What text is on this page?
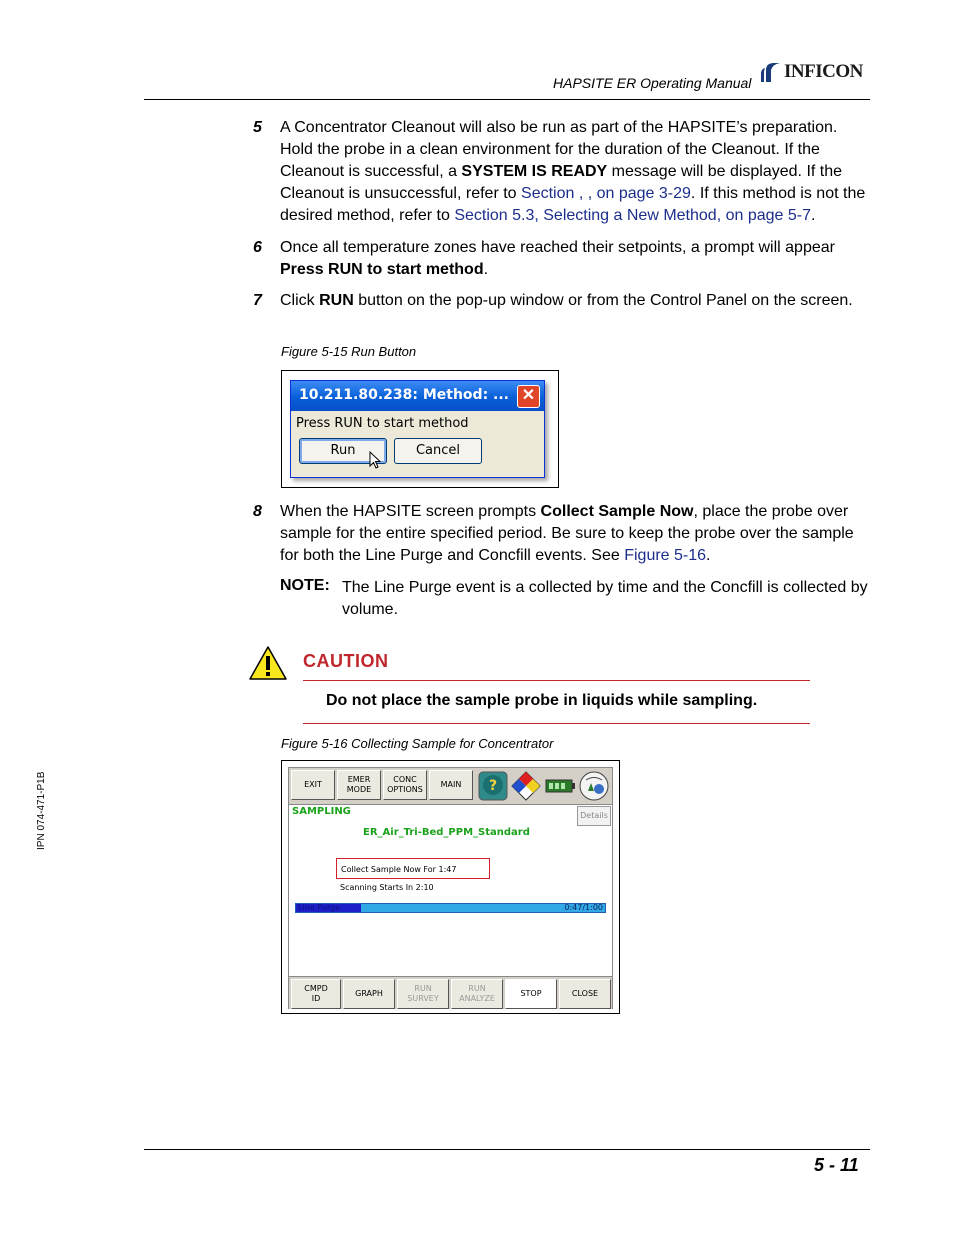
HAPSITE ER Operating Manual
INFICON
5 A Concentrator Cleanout will also be run as part of the HAPSITE’s preparation. Hold the probe in a clean environment for the duration of the Cleanout. If the Cleanout is successful, a SYSTEM IS READY message will be displayed. If the Cleanout is unsuccessful, refer to Section , , on page 3-29. If this method is not the desired method, refer to Section 5.3, Selecting a New Method, on page 5-7.
6 Once all temperature zones have reached their setpoints, a prompt will appear Press RUN to start method.
7 Click RUN button on the pop-up window or from the Control Panel on the screen.
Figure 5-15 Run Button
10.211.80.238: Method: ... ✕
Press RUN to start method
Run	Cancel
8 When the HAPSITE screen prompts Collect Sample Now, place the probe over sample for the entire specified period. Be sure to keep the probe over the sample for both the Line Purge and Concfill events. See Figure 5-16.
NOTE: The Line Purge event is a collected by time and the Concfill is collected by volume.
CAUTION
Do not place the sample probe in liquids while sampling.
Figure 5-16 Collecting Sample for Concentrator
EXIT
EMER
MODE
CONC
OPTIONS
MAIN ?
SAMPLING	Details
ER_Air_Tri-Bed_PPM_Standard
Collect Sample Now For 1:47
Scanning Starts In 2:10
Line Purge	0:47/1:00
CMPD
ID
GRAPH
RUN
SURVEY
RUN
ANALYZE
STOP	CLOSE
IPN 074-471-P1B
5 - 11
